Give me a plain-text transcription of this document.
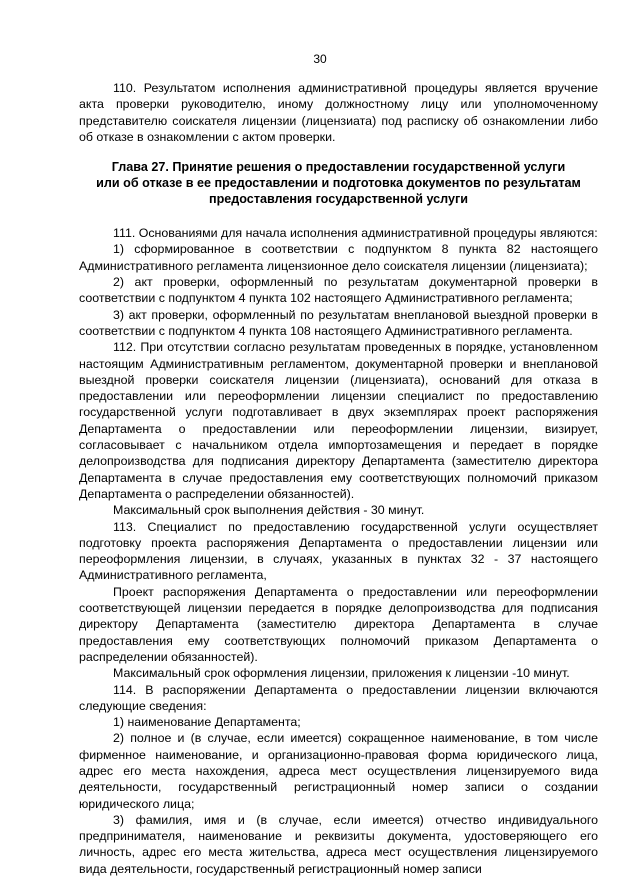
30

110. Результатом исполнения административной процедуры является вручение акта проверки руководителю, иному должностному лицу или уполномоченному представителю соискателя лицензии (лицензиата) под расписку об ознакомлении либо об отказе в ознакомлении с актом проверки.

Глава 27. Принятие решения о предоставлении государственной услуги
или об отказе в ее предоставлении и подготовка документов по результатам
предоставления государственной услуги

111. Основаниями для начала исполнения административной процедуры являются:

1) сформированное в соответствии с подпунктом 8 пункта 82 настоящего Административного регламента лицензионное дело соискателя лицензии (лицензиата);

2) акт проверки, оформленный по результатам документарной проверки в соответствии с подпунктом 4 пункта 102 настоящего Административного регламента;

3) акт проверки, оформленный по результатам внеплановой выездной проверки в соответствии с подпунктом 4 пункта 108 настоящего Административного регламента.

112. При отсутствии согласно результатам проведенных в порядке, установленном настоящим Административным регламентом, документарной проверки и внеплановой выездной проверки соискателя лицензии (лицензиата), оснований для отказа в предоставлении или переоформлении лицензии специалист по предоставлению государственной услуги подготавливает в двух экземплярах проект распоряжения Департамента о предоставлении или переоформлении лицензии, визирует, согласовывает с начальником отдела импортозамещения и передает в порядке делопроизводства для подписания директору Департамента (заместителю директора Департамента в случае предоставления ему соответствующих полномочий приказом Департамента о распределении обязанностей).

Максимальный срок выполнения действия - 30 минут.

113. Специалист по предоставлению государственной услуги осуществляет подготовку проекта распоряжения Департамента о предоставлении лицензии или переоформления лицензии, в случаях, указанных в пунктах 32 - 37 настоящего Административного регламента,

Проект распоряжения Департамента о предоставлении или переоформлении соответствующей лицензии передается в порядке делопроизводства для подписания директору Департамента (заместителю директора Департамента в случае предоставления ему соответствующих полномочий приказом Департамента о распределении обязанностей).

Максимальный срок оформления лицензии, приложения к лицензии -10 минут.

114. В распоряжении Департамента о предоставлении лицензии включаются следующие сведения:

1) наименование Департамента;

2) полное и (в случае, если имеется) сокращенное наименование, в том числе фирменное наименование, и организационно-правовая форма юридического лица, адрес его места нахождения, адреса мест осуществления лицензируемого вида деятельности, государственный регистрационный номер записи о создании юридического лица;

3) фамилия, имя и (в случае, если имеется) отчество индивидуального предпринимателя, наименование и реквизиты документа, удостоверяющего его личность, адрес его места жительства, адреса мест осуществления лицензируемого вида деятельности, государственный регистрационный номер записи
